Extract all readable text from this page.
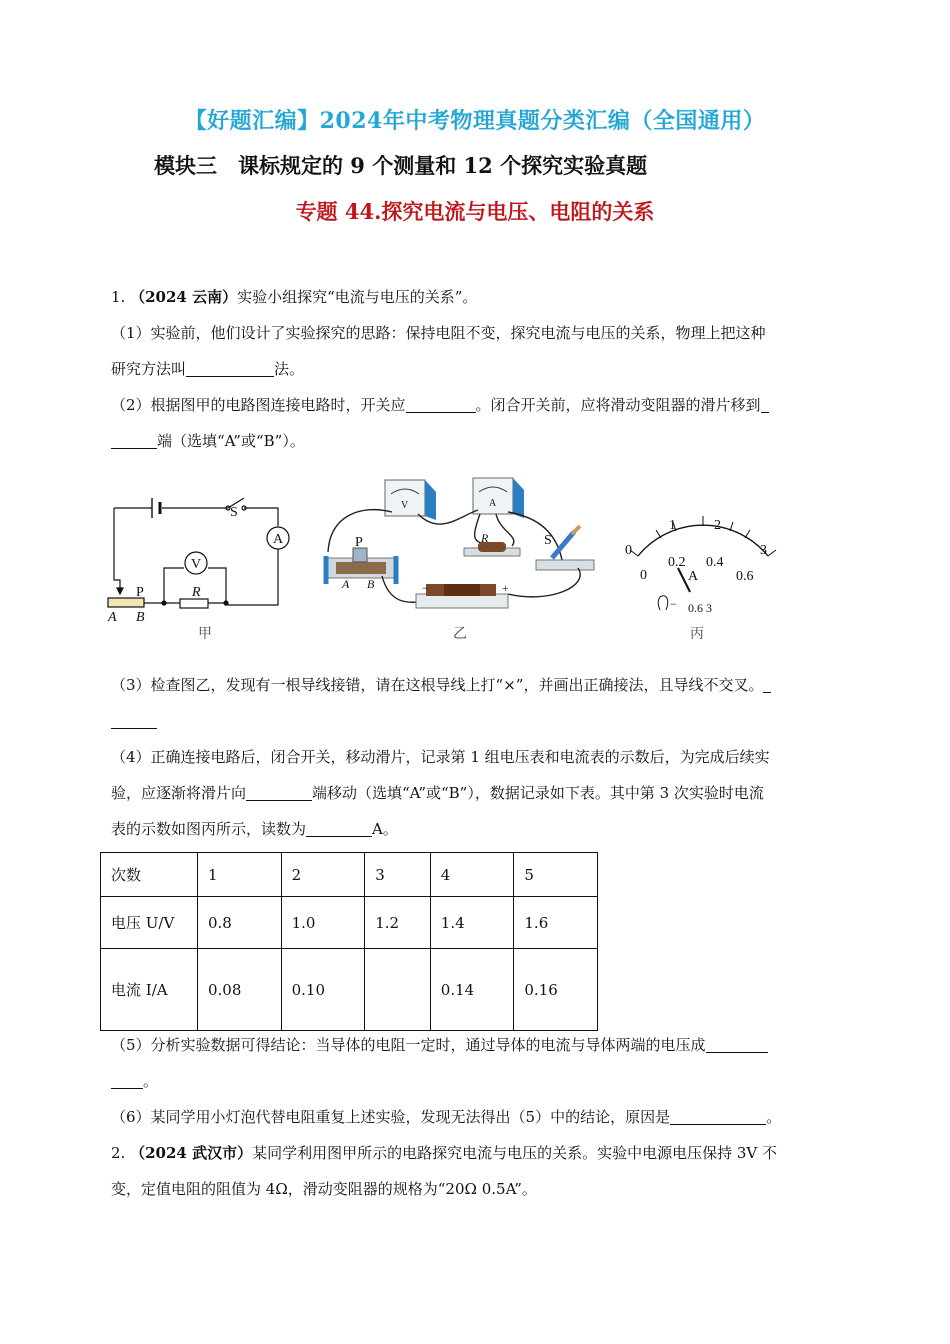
【好题汇编】2024年中考物理真题分类汇编（全国通用）
模块三　课标规定的 9 个测量和 12 个探究实验真题
专题 44.探究电流与电压、电阻的关系
1. （2024 云南）实验小组探究“电流与电压的关系”。
（1）实验前，他们设计了实验探究的思路：保持电阻不变，探究电流与电压的关系，物理上把这种
研究方法叫	法。
（2）根据图甲的电路图连接电路时，开关应	。闭合开关前，应将滑动变阻器的滑片移到
端（选填“A”或“B”）。
S
A
V
P	R
A B
甲
V	A
R	S
P
A B	−	+
乙
0
1	2
3
0
0.2 0.4
0.6
A
− 0.6 3
丙
（3）检查图乙，发现有一根导线接错，请在这根导线上打“×”，并画出正确接法，且导线不交叉。
（4）正确连接电路后，闭合开关，移动滑片，记录第 1 组电压表和电流表的示数后，为完成后续实
验，应逐渐将滑片向	端移动（选填“A”或“B”），数据记录如下表。其中第 3 次实验时电流
表的示数如图丙所示，读数为	A。
次数	1	2	3	4	5
电压 U/V	0.8	1.0	1.2	1.4	1.6
电流 I/A	0.08	0.10		0.14	0.16
（5）分析实验数据可得结论：当导体的电阻一定时，通过导体的电流与导体两端的电压成
。
（6）某同学用小灯泡代替电阻重复上述实验，发现无法得出（5）中的结论，原因是	。
2. （2024 武汉市）某同学利用图甲所示的电路探究电流与电压的关系。实验中电源电压保持 3V 不
变，定值电阻的阻值为 4Ω，滑动变阻器的规格为“20Ω 0.5A”。
